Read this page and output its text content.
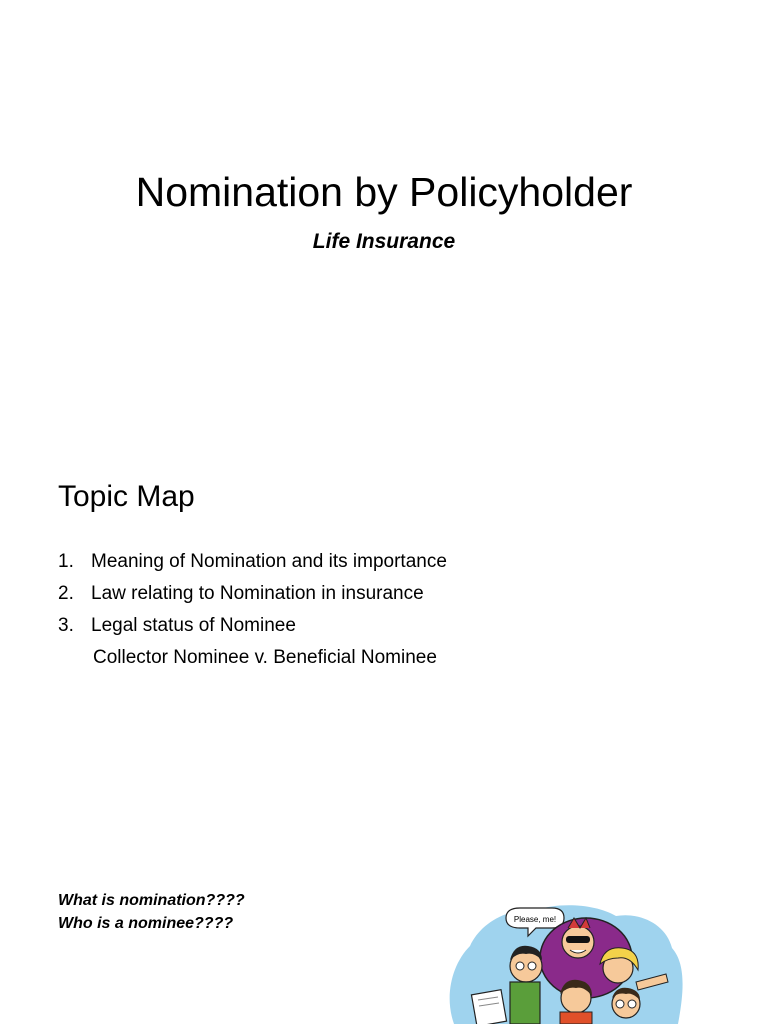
Nomination by Policyholder
Life Insurance
Topic Map
1. Meaning of Nomination and its importance
2. Law relating to Nomination in insurance
3. Legal status of Nominee
Collector Nominee v. Beneficial Nominee
What is nomination????
Who is a nominee????	Please, me!
